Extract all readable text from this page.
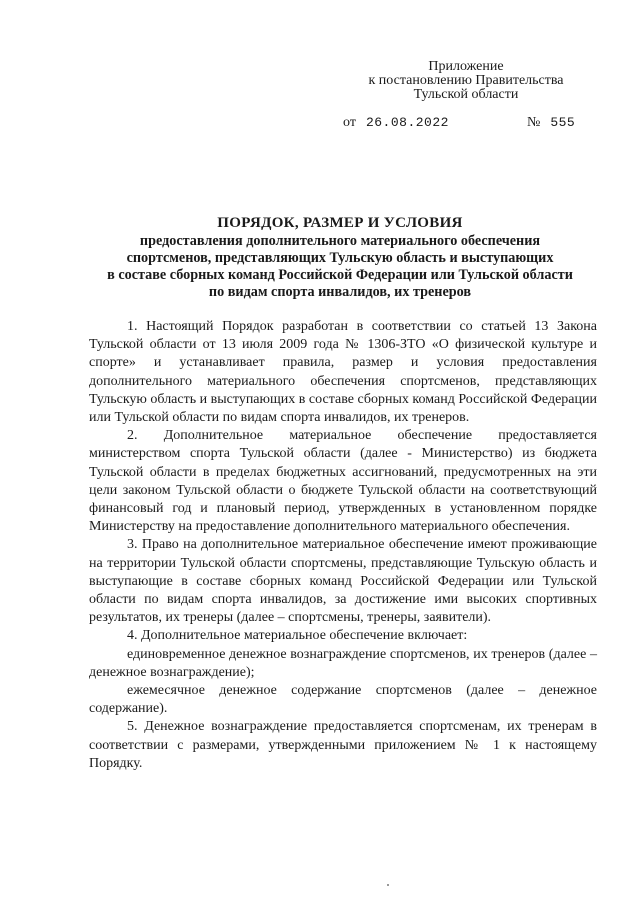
Приложение
к постановлению Правительства
Тульской области
от 26.08.2022	№ 555
ПОРЯДОК, РАЗМЕР И УСЛОВИЯ
предоставления дополнительного материального обеспечения
спортсменов, представляющих Тульскую область и выступающих
в составе сборных команд Российской Федерации или Тульской области
по видам спорта инвалидов, их тренеров

1. Настоящий Порядок разработан в соответствии со статьей 13 Закона Тульской области от 13 июля 2009 года № 1306-ЗТО «О физической культуре и спорте» и устанавливает правила, размер и условия предоставления дополнительного материального обеспечения спортсменов, представляющих Тульскую область и выступающих в составе сборных команд Российской Федерации или Тульской области по видам спорта инвалидов, их тренеров.

2. Дополнительное материальное обеспечение предоставляется министерством спорта Тульской области (далее - Министерство) из бюджета Тульской области в пределах бюджетных ассигнований, предусмотренных на эти цели законом Тульской области о бюджете Тульской области на соответствующий финансовый год и плановый период, утвержденных в установленном порядке Министерству на предоставление дополнительного материального обеспечения.

3. Право на дополнительное материальное обеспечение имеют проживающие на территории Тульской области спортсмены, представляющие Тульскую область и выступающие в составе сборных команд Российской Федерации или Тульской области по видам спорта инвалидов, за достижение ими высоких спортивных результатов, их тренеры (далее – спортсмены, тренеры, заявители).

4. Дополнительное материальное обеспечение включает:

единовременное денежное вознаграждение спортсменов, их тренеров (далее – денежное вознаграждение);

ежемесячное денежное содержание спортсменов (далее – денежное содержание).

5. Денежное вознаграждение предоставляется спортсменам, их тренерам в соответствии с размерами, утвержденными приложением № 1 к настоящему Порядку.
